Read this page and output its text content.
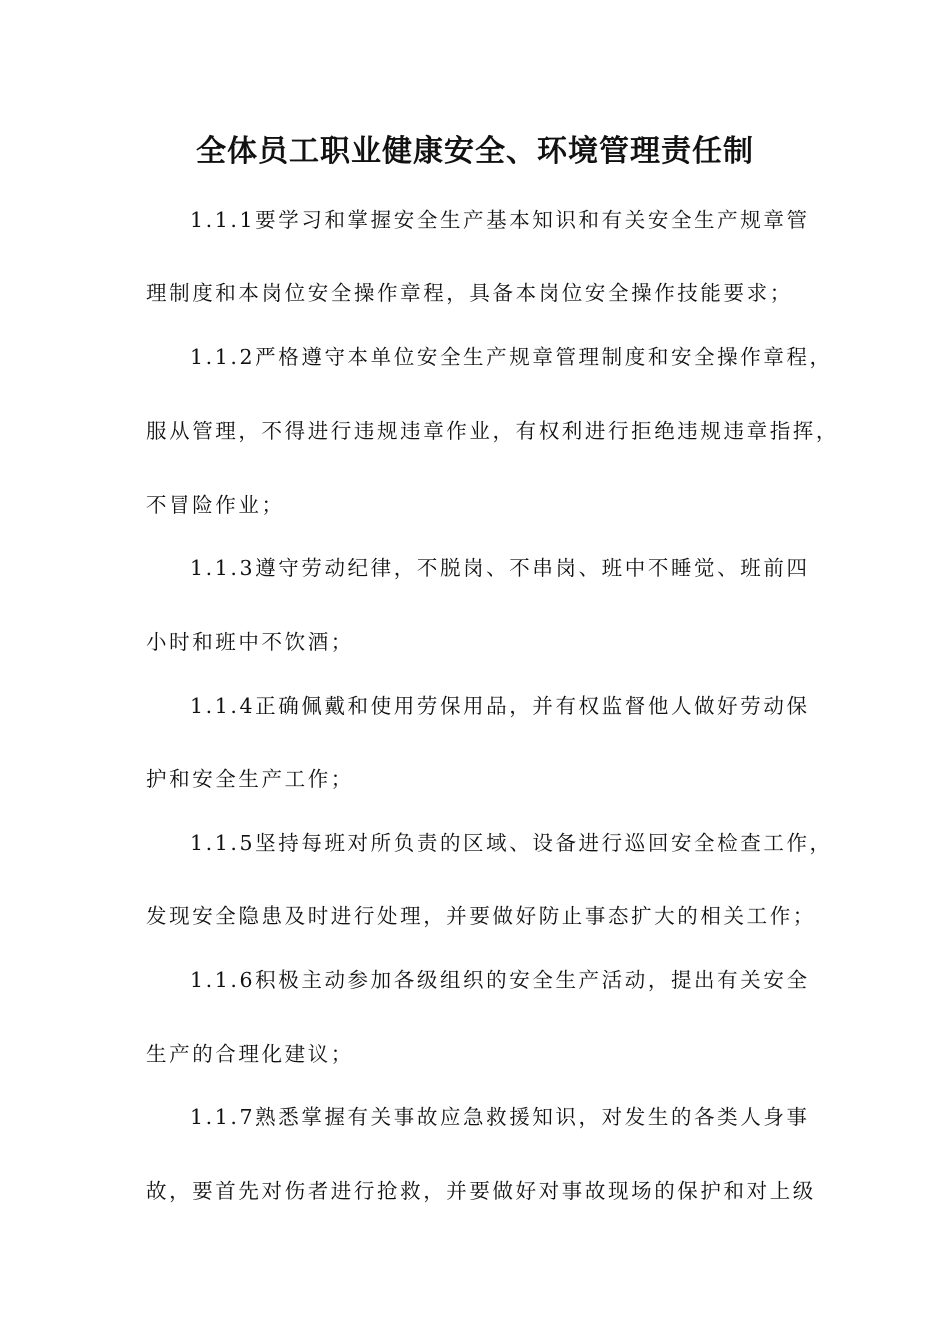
全体员工职业健康安全、环境管理责任制
1.1.1要学习和掌握安全生产基本知识和有关安全生产规章管
理制度和本岗位安全操作章程，具备本岗位安全操作技能要求；
1.1.2严格遵守本单位安全生产规章管理制度和安全操作章程，
服从管理，不得进行违规违章作业，有权利进行拒绝违规违章指挥，
不冒险作业；
1.1.3遵守劳动纪律，不脱岗、不串岗、班中不睡觉、班前四
小时和班中不饮酒；
1.1.4正确佩戴和使用劳保用品，并有权监督他人做好劳动保
护和安全生产工作；
1.1.5坚持每班对所负责的区域、设备进行巡回安全检查工作，
发现安全隐患及时进行处理，并要做好防止事态扩大的相关工作；
1.1.6积极主动参加各级组织的安全生产活动，提出有关安全
生产的合理化建议；
1.1.7熟悉掌握有关事故应急救援知识，对发生的各类人身事
故，要首先对伤者进行抢救，并要做好对事故现场的保护和对上级
